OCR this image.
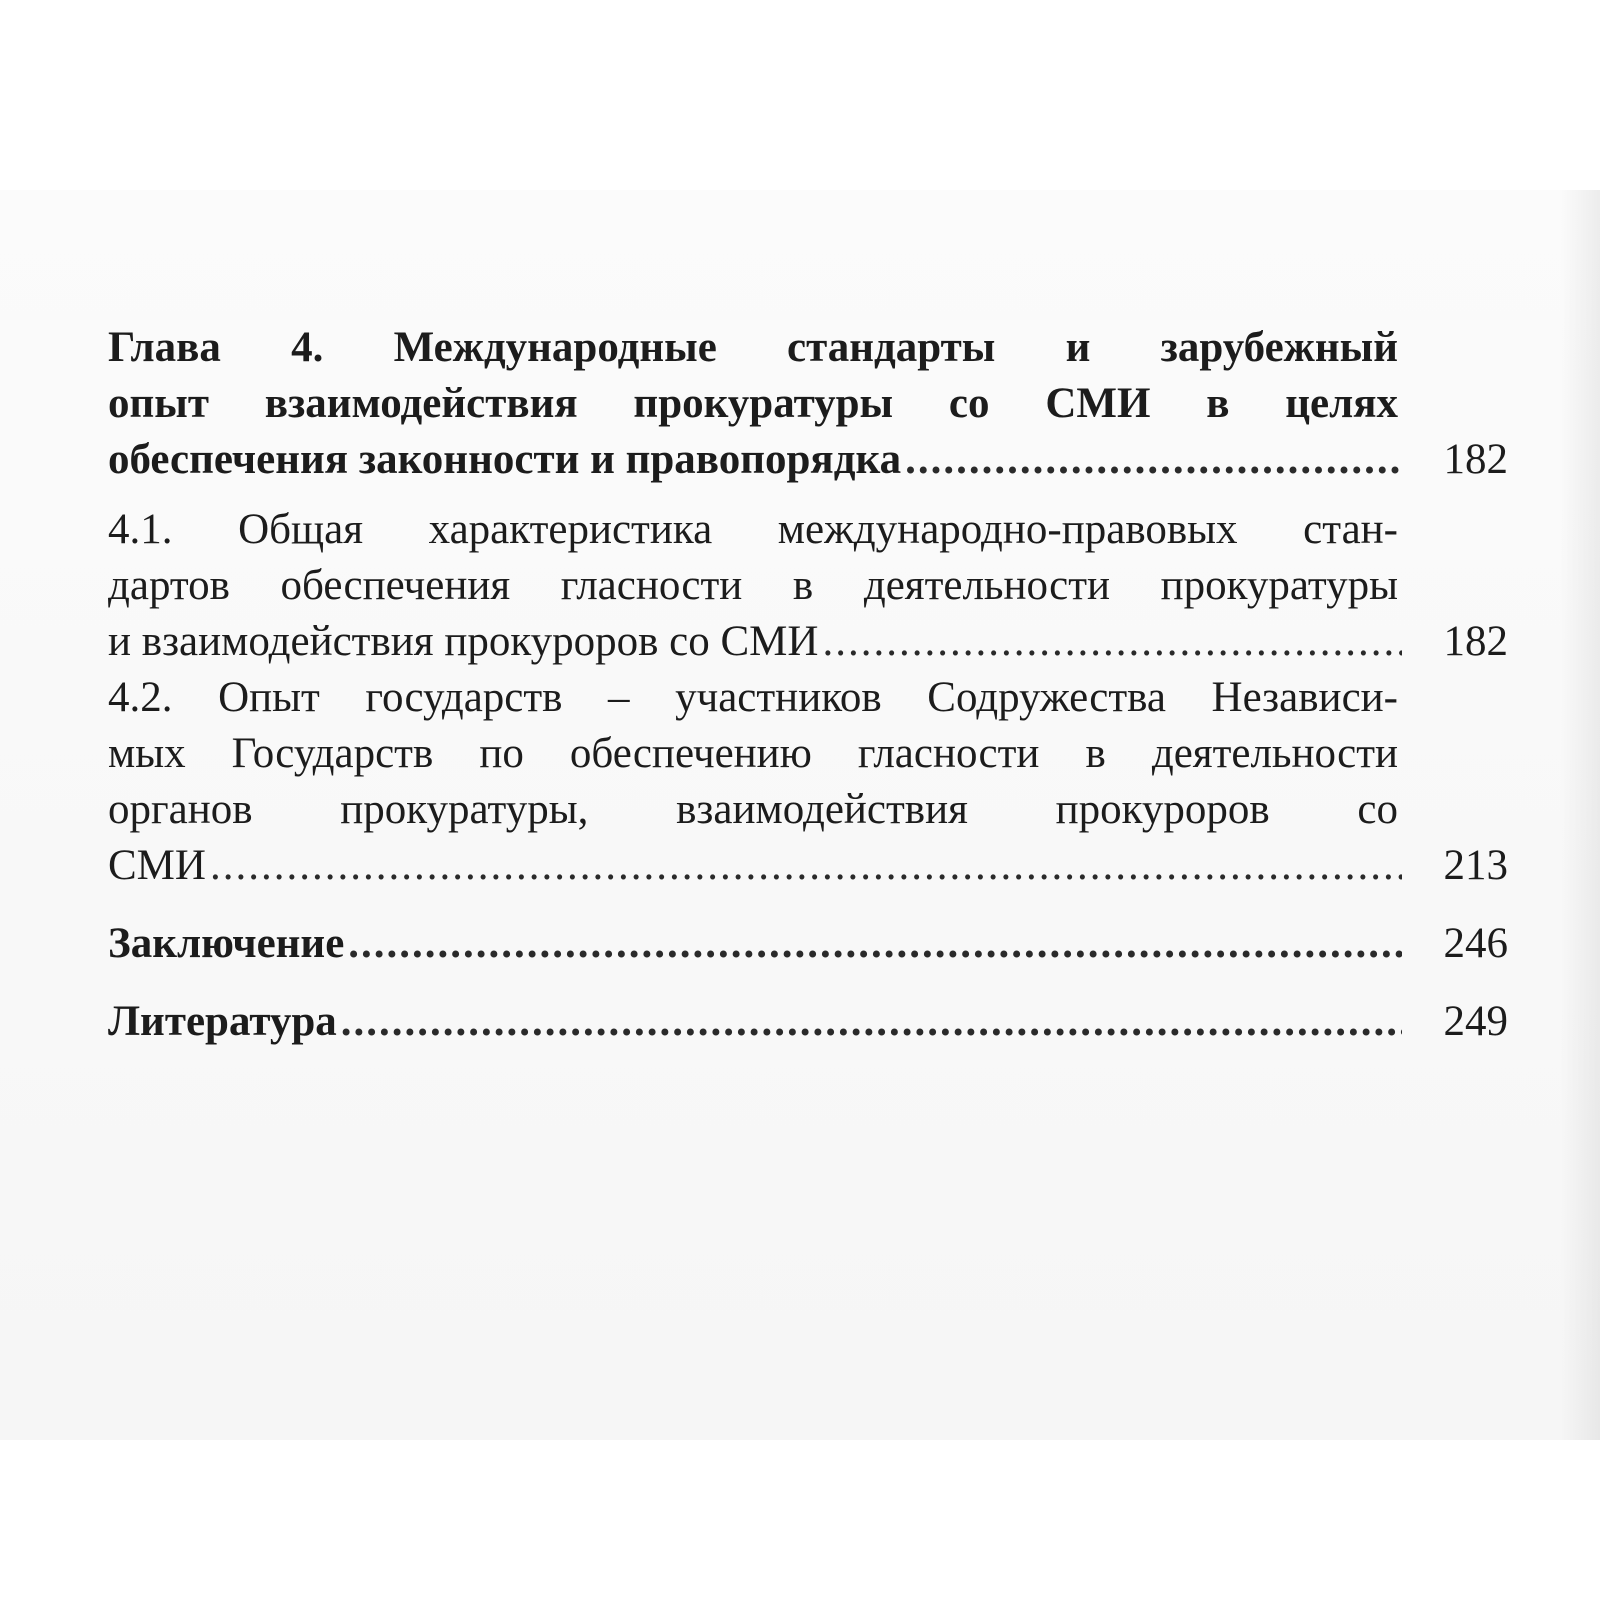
Глава 4. Международные стандарты и зарубежный
опыт взаимодействия прокуратуры со СМИ в целях
обеспечения законности и правопорядка .....	182
4.1. Общая характеристика международно-правовых стан-
дартов обеспечения гласности в деятельности прокуратуры
и взаимодействия прокуроров со СМИ .....	182
4.2. Опыт государств – участников Содружества Независи-
мых Государств по обеспечению гласности в деятельности
органов прокуратуры, взаимодействия прокуроров со
СМИ .....	213
Заключение .....	246
Литература .....	249
